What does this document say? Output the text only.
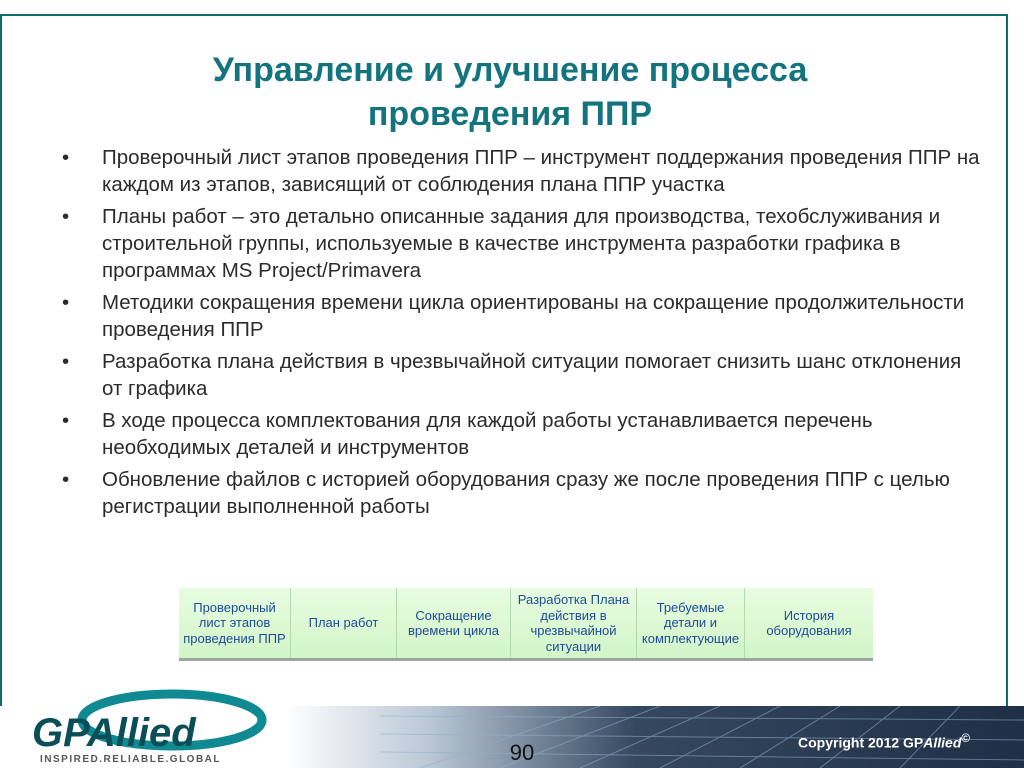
Управление и улучшение процесса
проведения ППР
•	Проверочный лист этапов проведения ППР – инструмент поддержания проведения ППР на каждом из этапов, зависящий от соблюдения плана ППР участка
•	Планы работ – это детально описанные задания для производства, техобслуживания и строительной группы, используемые в качестве инструмента разработки графика в программах MS Project/Primavera
•	Методики сокращения времени цикла ориентированы на сокращение продолжительности проведения ППР
•	Разработка плана действия в чрезвычайной ситуации помогает снизить шанс отклонения от графика
•	В ходе процесса комплектования для каждой работы устанавливается перечень необходимых деталей и инструментов
•	Обновление файлов с историей оборудования сразу же после проведения ППР с целью регистрации выполненной работы
Проверочный лист этапов проведения ППР
План работ
Сокращение времени цикла
Разработка Плана действия в чрезвычайной ситуации
Требуемые детали и комплектующие
История оборудования
GPAllied
INSPIRED.RELIABLE.GLOBAL	90	Copyright 2012 GPAllied©
